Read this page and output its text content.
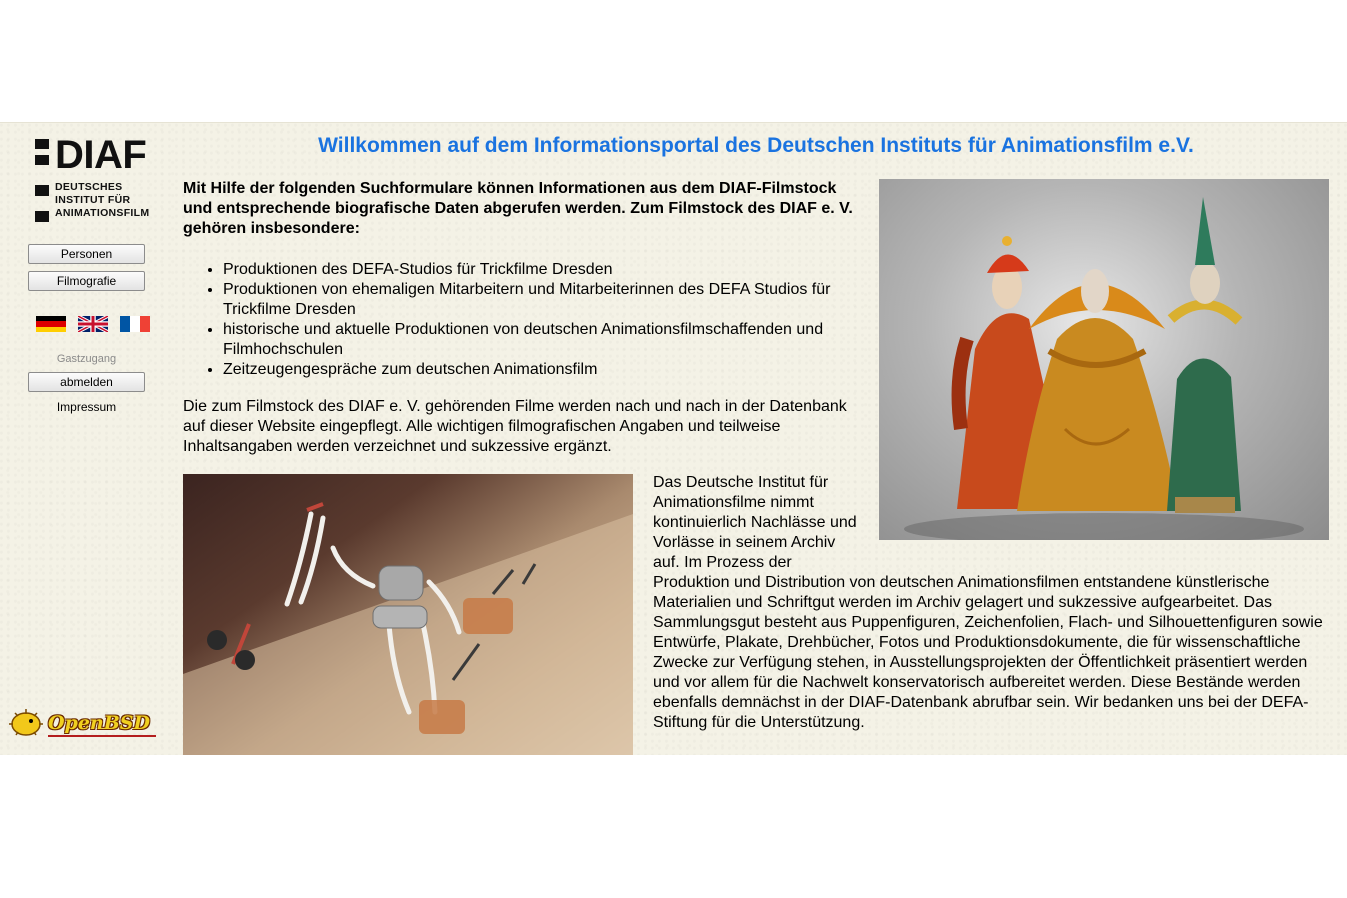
DIAF
DEUTSCHES
INSTITUT FÜR
ANIMATIONSFILM
Personen
Filmografie
Gastzugang
abmelden
Impressum
OpenBSD
Willkommen auf dem Informationsportal des Deutschen Instituts für Animationsfilm e.V.

Mit Hilfe der folgenden Suchformulare können Informationen aus dem DIAF-Filmstock und entsprechende biografische Daten abgerufen werden. Zum Filmstock des DIAF e. V. gehören insbesondere:

• Produktionen des DEFA-Studios für Trickfilme Dresden
• Produktionen von ehemaligen Mitarbeitern und Mitarbeiterinnen des DEFA Studios für Trickfilme Dresden
• historische und aktuelle Produktionen von deutschen Animationsfilmschaffenden und Filmhochschulen
• Zeitzeugengespräche zum deutschen Animationsfilm

Die zum Filmstock des DIAF e. V. gehörenden Filme werden nach und nach in der Datenbank auf dieser Website eingepflegt. Alle wichtigen filmografischen Angaben und teilweise Inhaltsangaben werden verzeichnet und sukzessive ergänzt.

Das Deutsche Institut für Animationsfilme nimmt kontinuierlich Nachlässe und Vorlässe in seinem Archiv auf. Im Prozess der
Produktion und Distribution von deutschen Animationsfilmen entstandene künstlerische Materialien und Schriftgut werden im Archiv gelagert und sukzessive aufgearbeitet. Das Sammlungsgut besteht aus Puppenfiguren, Zeichenfolien, Flach- und Silhouettenfiguren sowie Entwürfe, Plakate, Drehbücher, Fotos und Produktionsdokumente, die für wissenschaftliche Zwecke zur Verfügung stehen, in Ausstellungsprojekten der Öffentlichkeit präsentiert werden und vor allem für die Nachwelt konservatorisch aufbereitet werden. Diese Bestände werden ebenfalls demnächst in der DIAF-Datenbank abrufbar sein. Wir bedanken uns bei der DEFA-Stiftung für die Unterstützung.
